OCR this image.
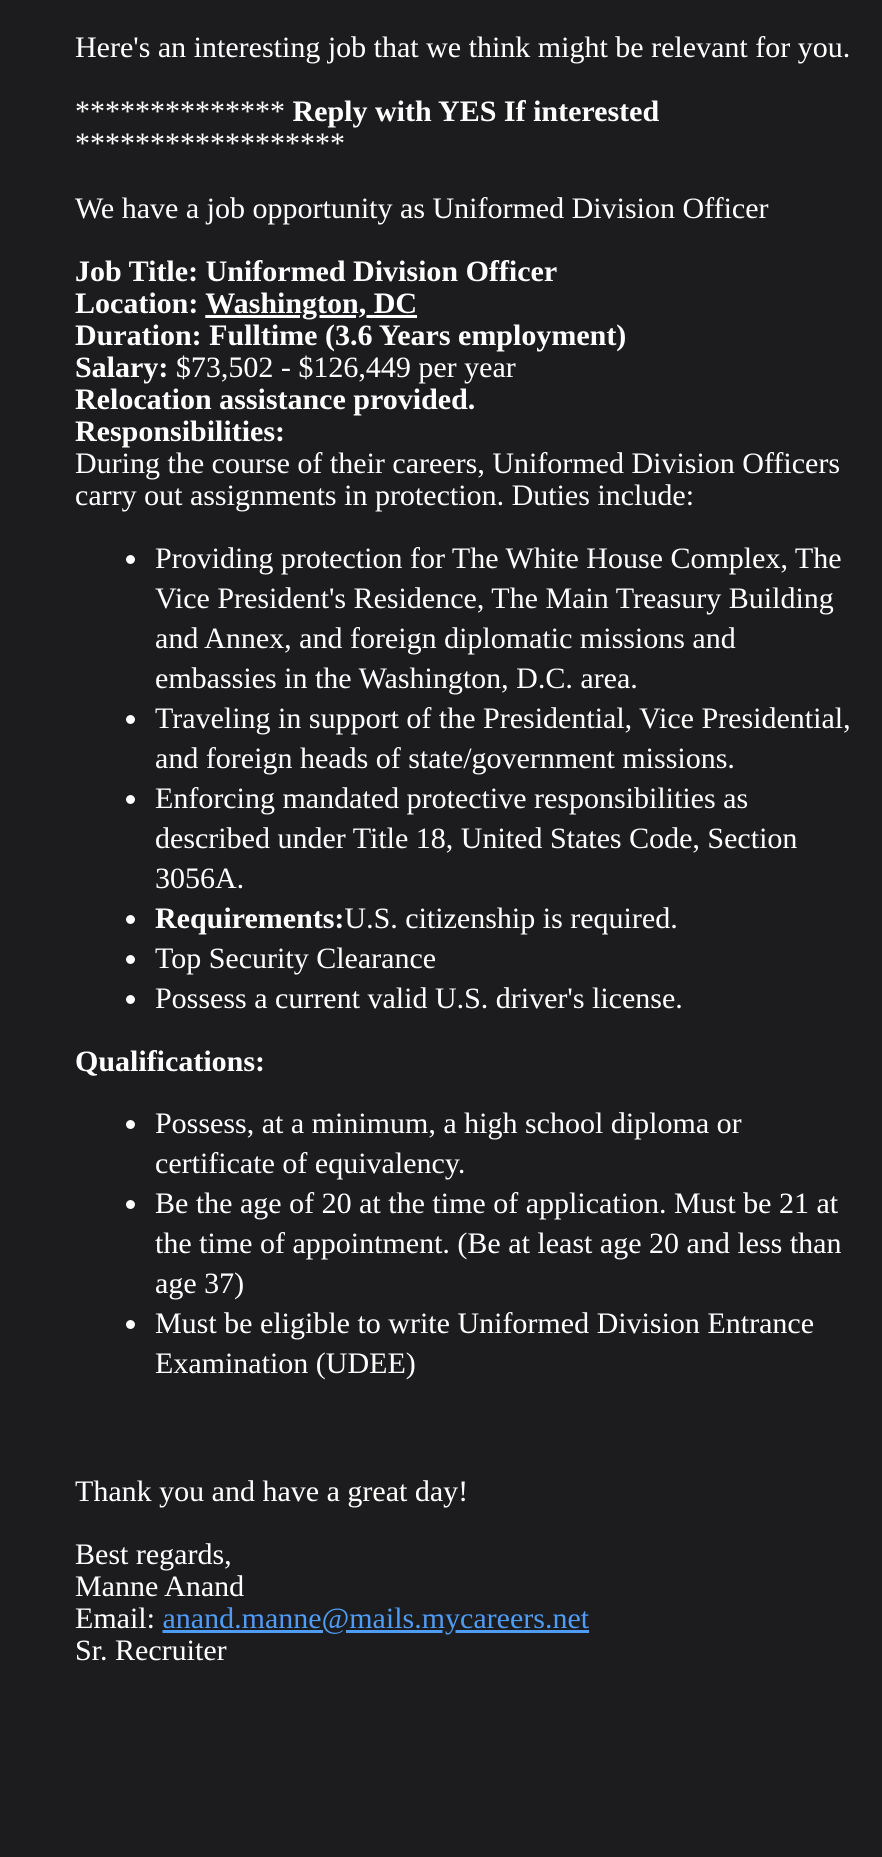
Here's an interesting job that we think might be relevant for you.

************** Reply with YES If interested ******************

We have a job opportunity as Uniformed Division Officer

Job Title: Uniformed Division Officer
Location: Washington, DC
Duration: Fulltime (3.6 Years employment)
Salary: $73,502 - $126,449 per year
Relocation assistance provided.
Responsibilities:
During the course of their careers, Uniformed Division Officers carry out assignments in protection. Duties include:
Providing protection for The White House Complex, The Vice President's Residence, The Main Treasury Building and Annex, and foreign diplomatic missions and embassies in the Washington, D.C. area.
Traveling in support of the Presidential, Vice Presidential, and foreign heads of state/government missions.
Enforcing mandated protective responsibilities as described under Title 18, United States Code, Section 3056A.
Requirements:U.S. citizenship is required.
Top Security Clearance
Possess a current valid U.S. driver's license.

Qualifications:

Possess, at a minimum, a high school diploma or certificate of equivalency.
Be the age of 20 at the time of application. Must be 21 at the time of appointment. (Be at least age 20 and less than age 37)
Must be eligible to write Uniformed Division Entrance Examination (UDEE)

Thank you and have a great day!

Best regards,
Manne Anand
Email: anand.manne@mails.mycareers.net
Sr. Recruiter
